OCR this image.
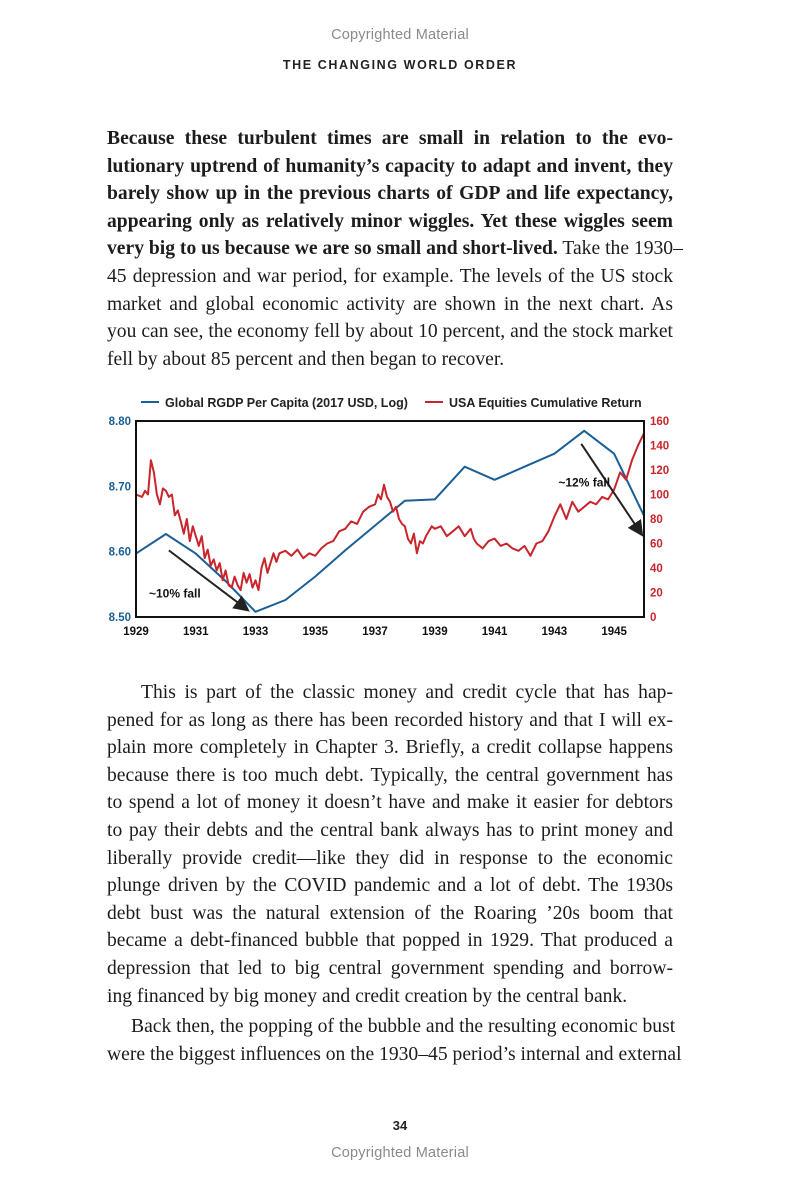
Copyrighted Material
THE CHANGING WORLD ORDER
Because these turbulent times are small in relation to the evo-
lutionary uptrend of humanity’s capacity to adapt and invent, they
barely show up in the previous charts of GDP and life expectancy,
appearing only as relatively minor wiggles. Yet these wiggles seem
very big to us because we are so small and short-lived. Take the 1930–
45 depression and war period, for example. The levels of the US stock
market and global economic activity are shown in the next chart. As
you can see, the economy fell by about 10 percent, and the stock market
fell by about 85 percent and then began to recover.
Global RGDP Per Capita (2017 USD, Log)	USA Equities Cumulative Return
8.50
8.60
8.70
8.80
0
20
40
60
80
100
120
140
160
1929	1931	1933	1935	1937	1939	1941	1943	1945
~10% fall
~12% fall
This is part of the classic money and credit cycle that has hap-
pened for as long as there has been recorded history and that I will ex-
plain more completely in Chapter 3. Briefly, a credit collapse happens
because there is too much debt. Typically, the central government has
to spend a lot of money it doesn’t have and make it easier for debtors
to pay their debts and the central bank always has to print money and
liberally provide credit—like they did in response to the economic
plunge driven by the COVID pandemic and a lot of debt. The 1930s
debt bust was the natural extension of the Roaring ’20s boom that
became a debt-financed bubble that popped in 1929. That produced a
depression that led to big central government spending and borrow-
ing financed by big money and credit creation by the central bank.
Back then, the popping of the bubble and the resulting economic bust
were the biggest influences on the 1930–45 period’s internal and external
34
Copyrighted Material
